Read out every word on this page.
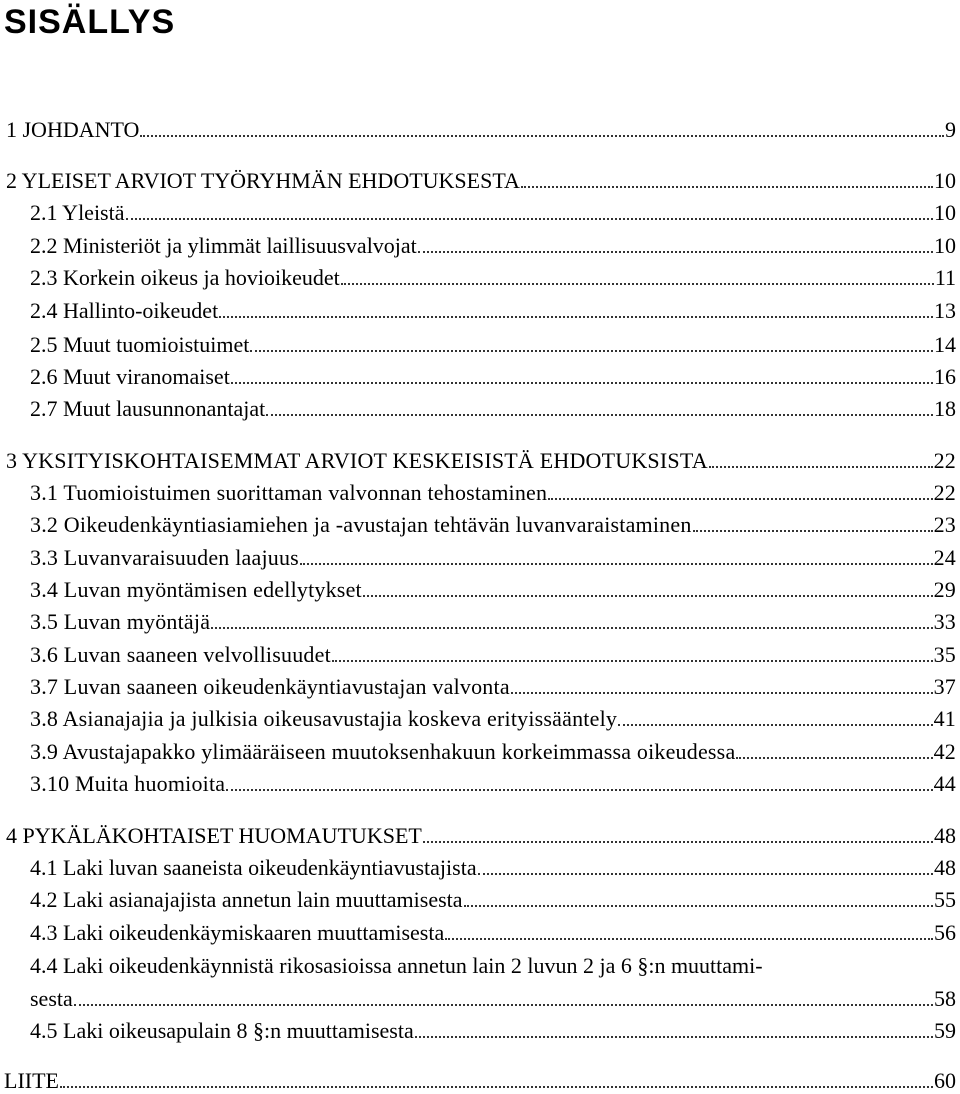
SISÄLLYS
1 JOHDANTO	9
2 YLEISET ARVIOT TYÖRYHMÄN EHDOTUKSESTA	10
2.1 Yleistä	10
2.2 Ministeriöt ja ylimmät laillisuusvalvojat	10
2.3 Korkein oikeus ja hovioikeudet	11
2.4 Hallinto-oikeudet	13
2.5 Muut tuomioistuimet	14
2.6 Muut viranomaiset	16
2.7 Muut lausunnonantajat	18
3 YKSITYISKOHTAISEMMAT ARVIOT KESKEISISTÄ EHDOTUKSISTA	22
3.1 Tuomioistuimen suorittaman valvonnan tehostaminen	22
3.2 Oikeudenkäyntiasiamiehen ja -avustajan tehtävän luvanvaraistaminen	23
3.3 Luvanvaraisuuden laajuus	24
3.4 Luvan myöntämisen edellytykset	29
3.5 Luvan myöntäjä	33
3.6 Luvan saaneen velvollisuudet	35
3.7 Luvan saaneen oikeudenkäyntiavustajan valvonta	37
3.8 Asianajajia ja julkisia oikeusavustajia koskeva erityissääntely	41
3.9 Avustajapakko ylimääräiseen muutoksenhakuun korkeimmassa oikeudessa	42
3.10 Muita huomioita	44
4 PYKÄLÄKOHTAISET HUOMAUTUKSET	48
4.1 Laki luvan saaneista oikeudenkäyntiavustajista	48
4.2 Laki asianajajista annetun lain muuttamisesta	55
4.3 Laki oikeudenkäymiskaaren muuttamisesta	56
4.4 Laki oikeudenkäynnistä rikosasioissa annetun lain 2 luvun 2 ja 6 §:n muuttami-
sesta	58
4.5 Laki oikeusapulain 8 §:n muuttamisesta	59
LIITE	60
